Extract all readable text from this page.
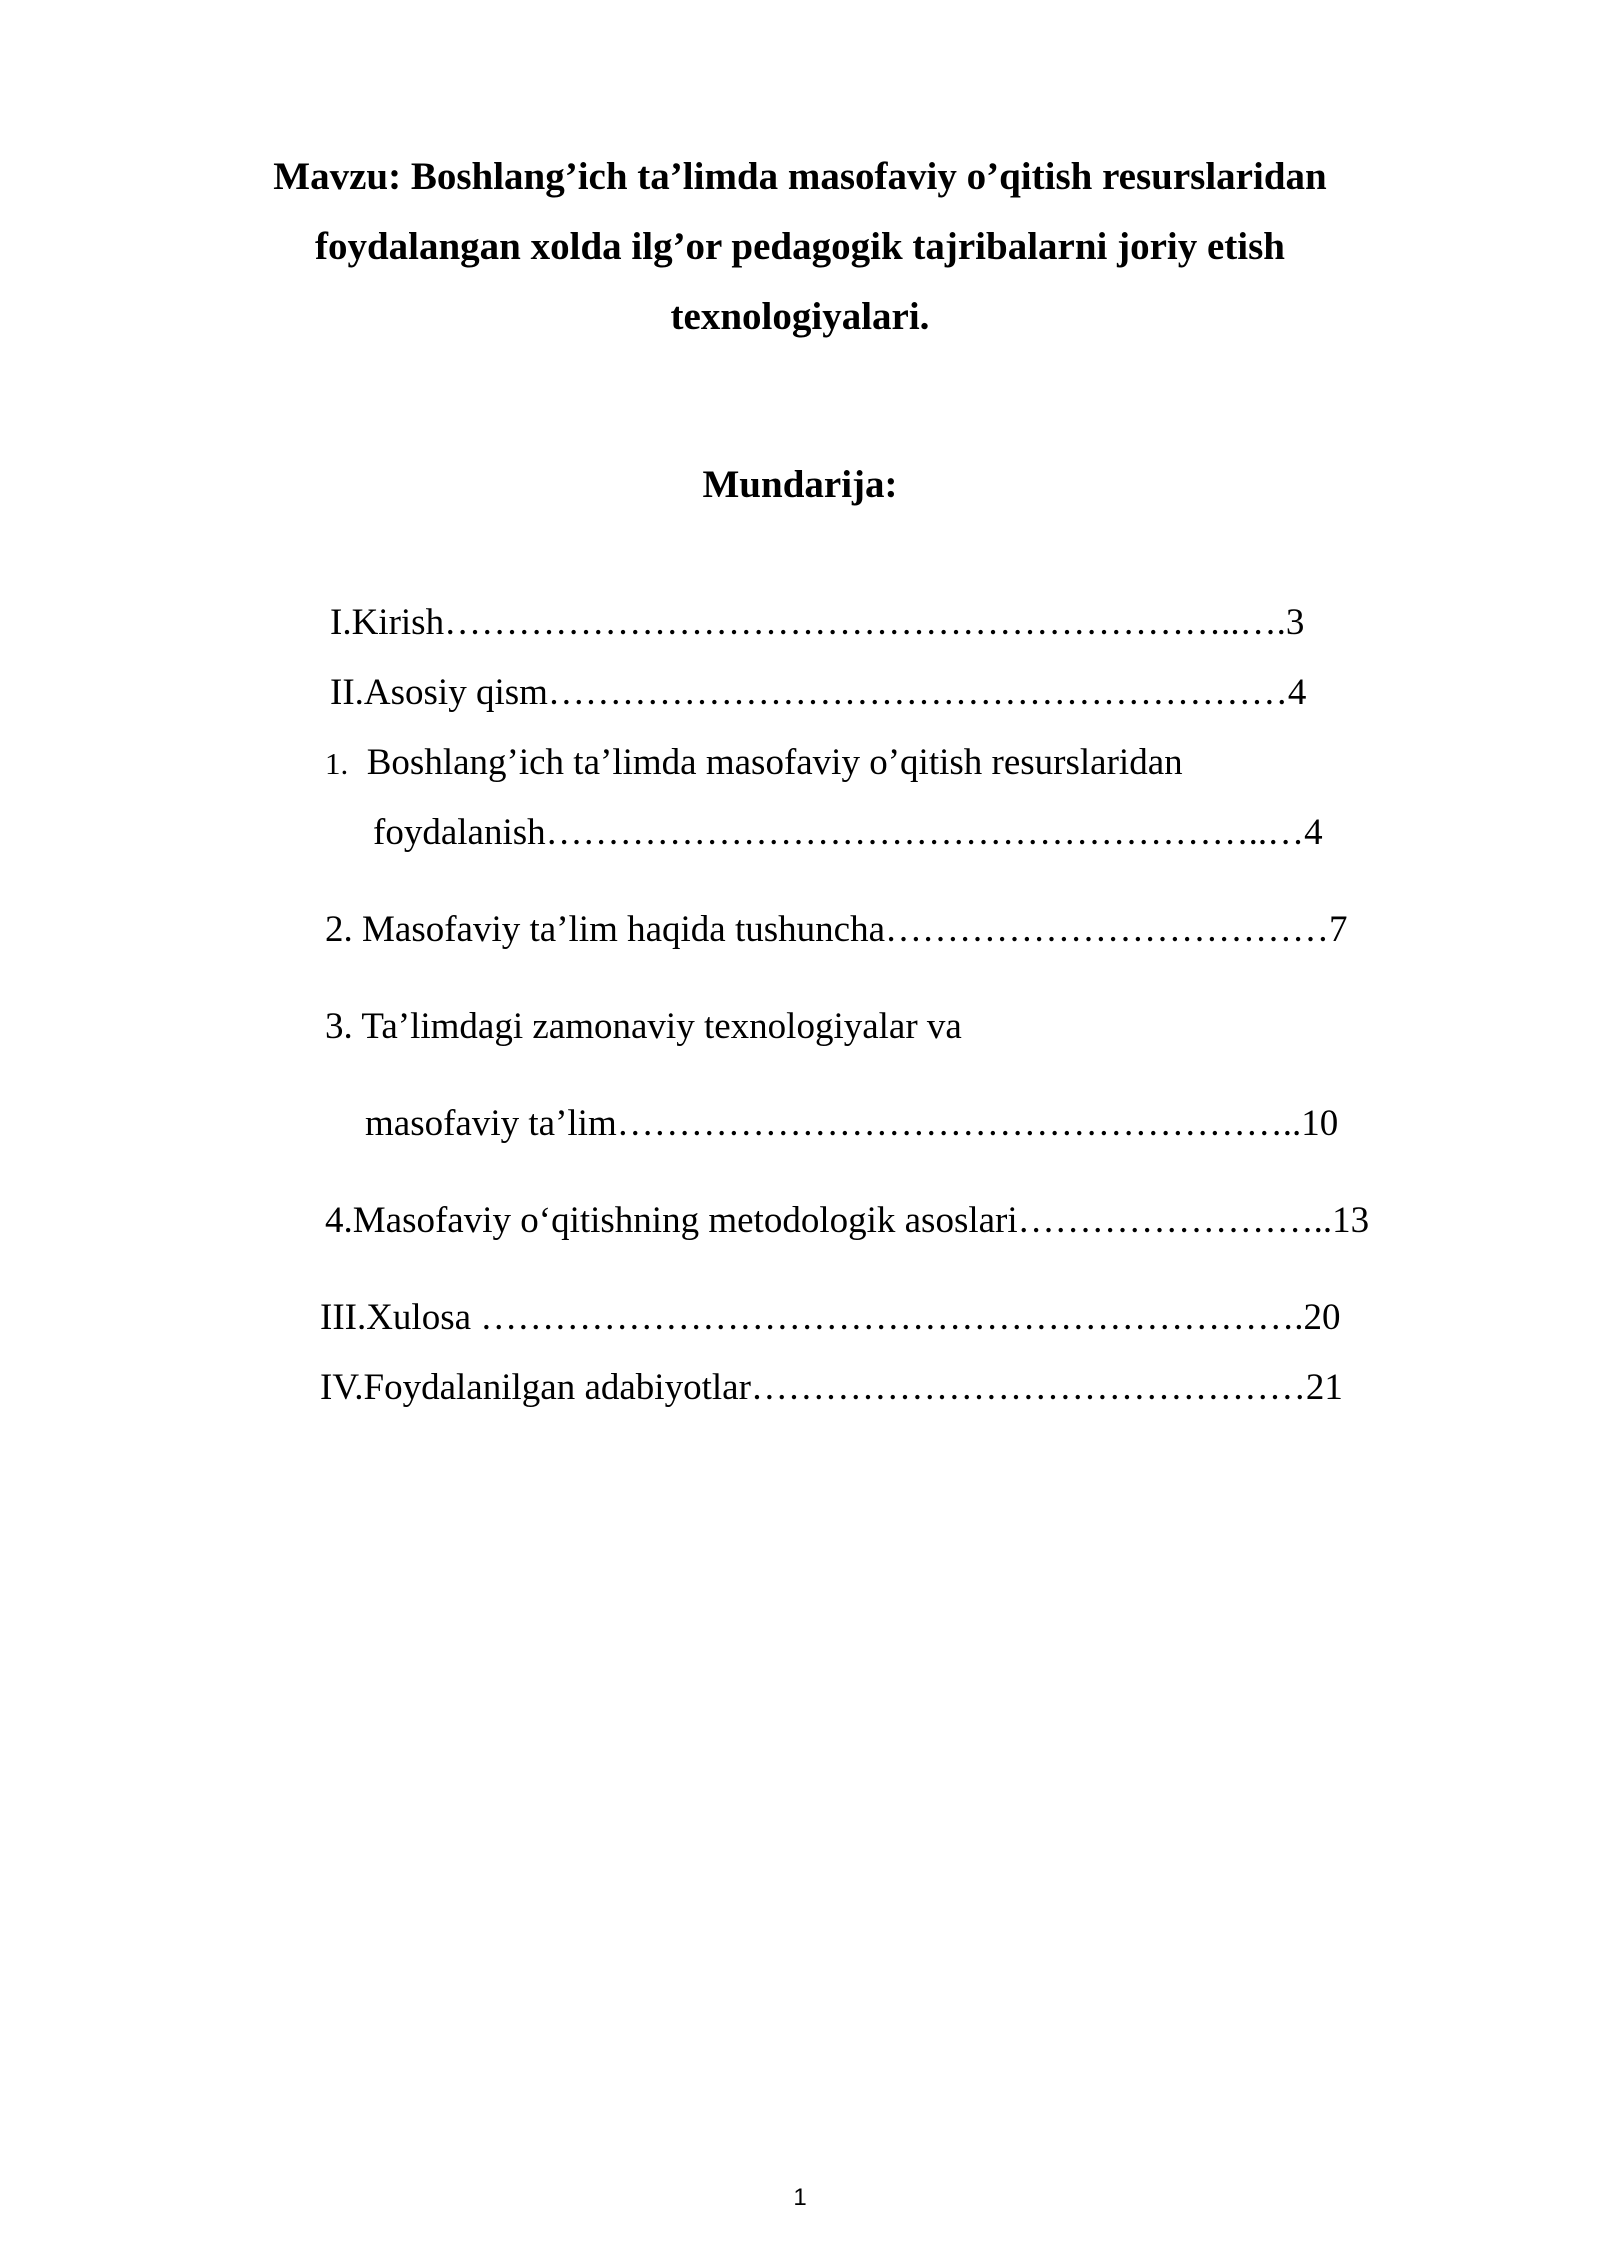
Mavzu: Boshlang’ich ta’limda masofaviy o’qitish resurslaridan
foydalangan xolda ilg’or pedagogik tajribalarni joriy etish
texnologiyalari.
Mundarija:
I.Kirish………………………………………………………..….3
II.Asosiy qism……………………………………………………4
1. Boshlang’ich ta’limda masofaviy o’qitish resurslaridan
foydalanish…………………………………………………..…4
2. Masofaviy ta’lim haqida tushuncha………………………………7
3. Ta’limdagi zamonaviy texnologiyalar va
masofaviy ta’lim………………………………………………..10
4.Masofaviy o‘qitishning metodologik asoslari……………………..13
III.Xulosa ………………………………………………………….20
IV.Foydalanilgan adabiyotlar………………………………………21
1
